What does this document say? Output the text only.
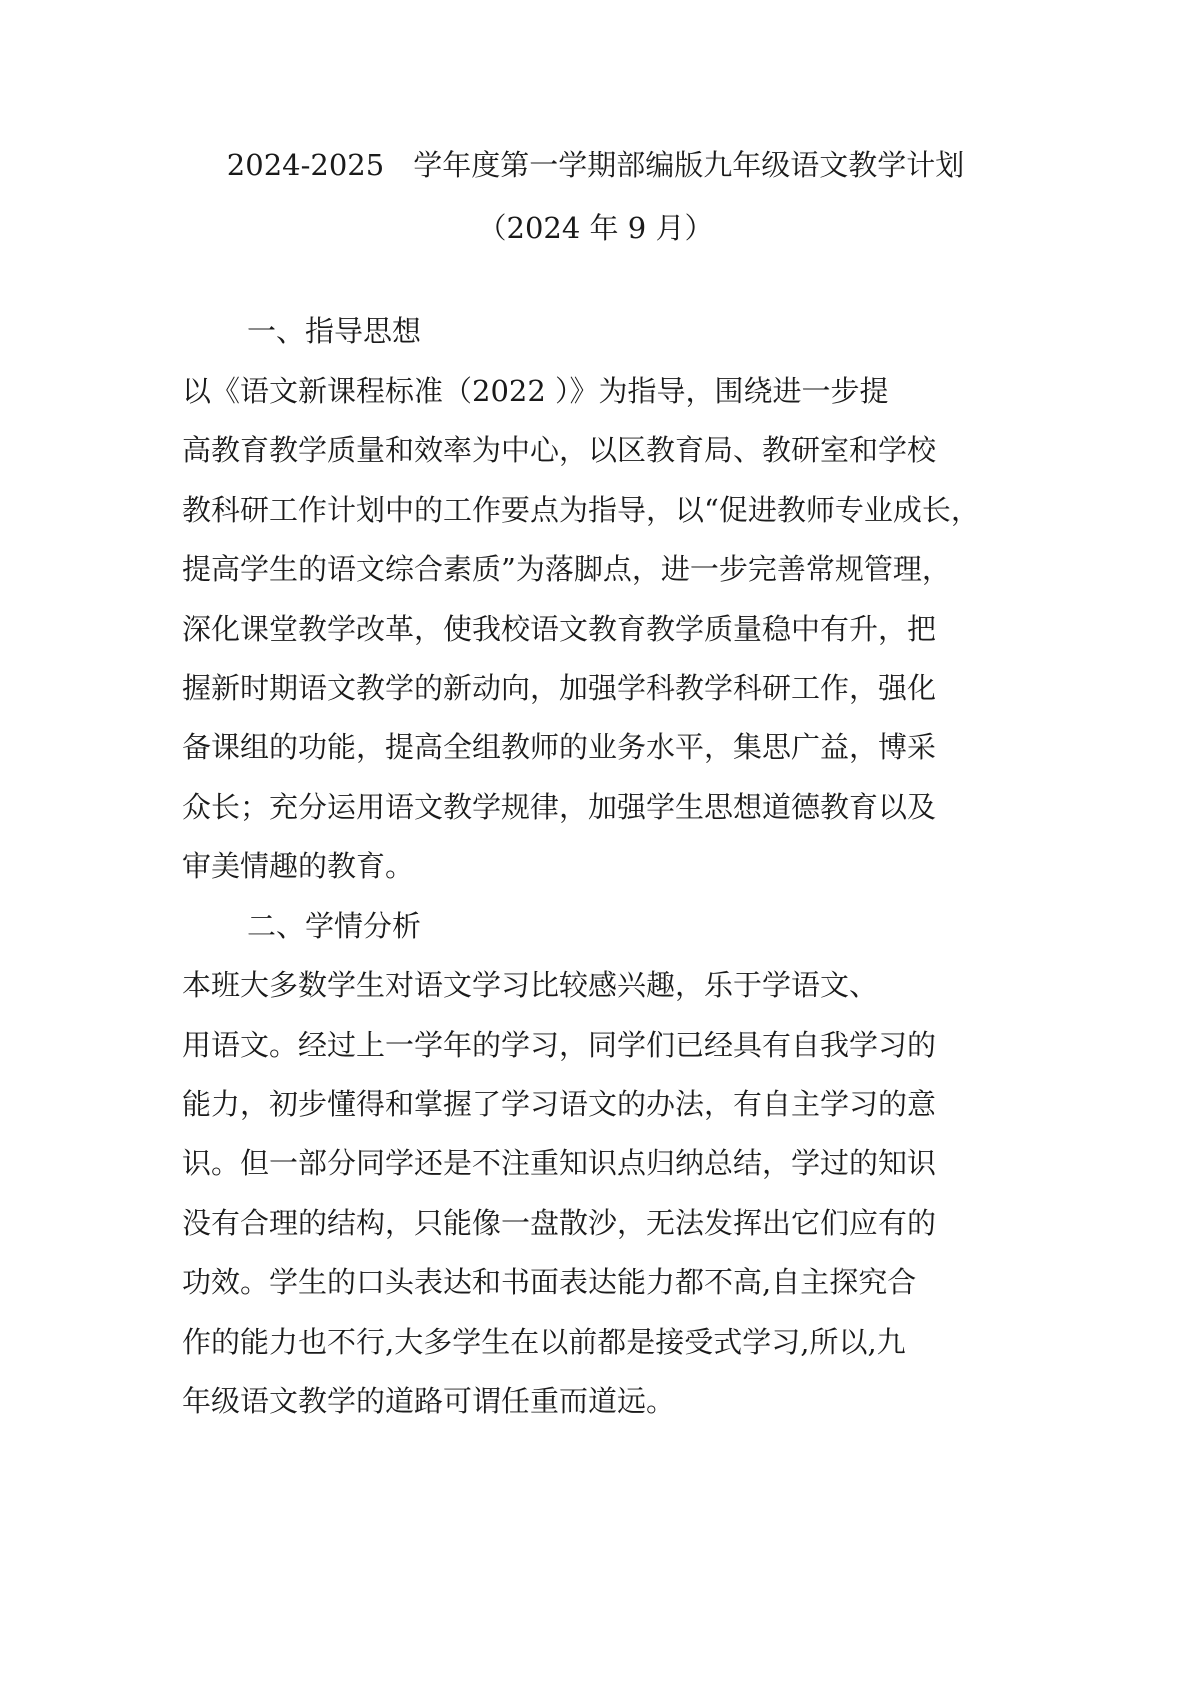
2024-2025　学年度第一学期部编版九年级语文教学计划
（2024 年 9 月）
一、指导思想
以《语文新课程标准（2022 ）》为指导，围绕进一步提
高教育教学质量和效率为中心，以区教育局、教研室和学校
教科研工作计划中的工作要点为指导，以“促进教师专业成长，
提高学生的语文综合素质”为落脚点，进一步完善常规管理，
深化课堂教学改革，使我校语文教育教学质量稳中有升，把
握新时期语文教学的新动向，加强学科教学科研工作，强化
备课组的功能，提高全组教师的业务水平，集思广益，博采
众长；充分运用语文教学规律，加强学生思想道德教育以及
审美情趣的教育。
二、学情分析
本班大多数学生对语文学习比较感兴趣，乐于学语文、
用语文。经过上一学年的学习，同学们已经具有自我学习的
能力，初步懂得和掌握了学习语文的办法，有自主学习的意
识。但一部分同学还是不注重知识点归纳总结，学过的知识
没有合理的结构，只能像一盘散沙，无法发挥出它们应有的
功效。学生的口头表达和书面表达能力都不高,自主探究合
作的能力也不行,大多学生在以前都是接受式学习,所以,九
年级语文教学的道路可谓任重而道远。
